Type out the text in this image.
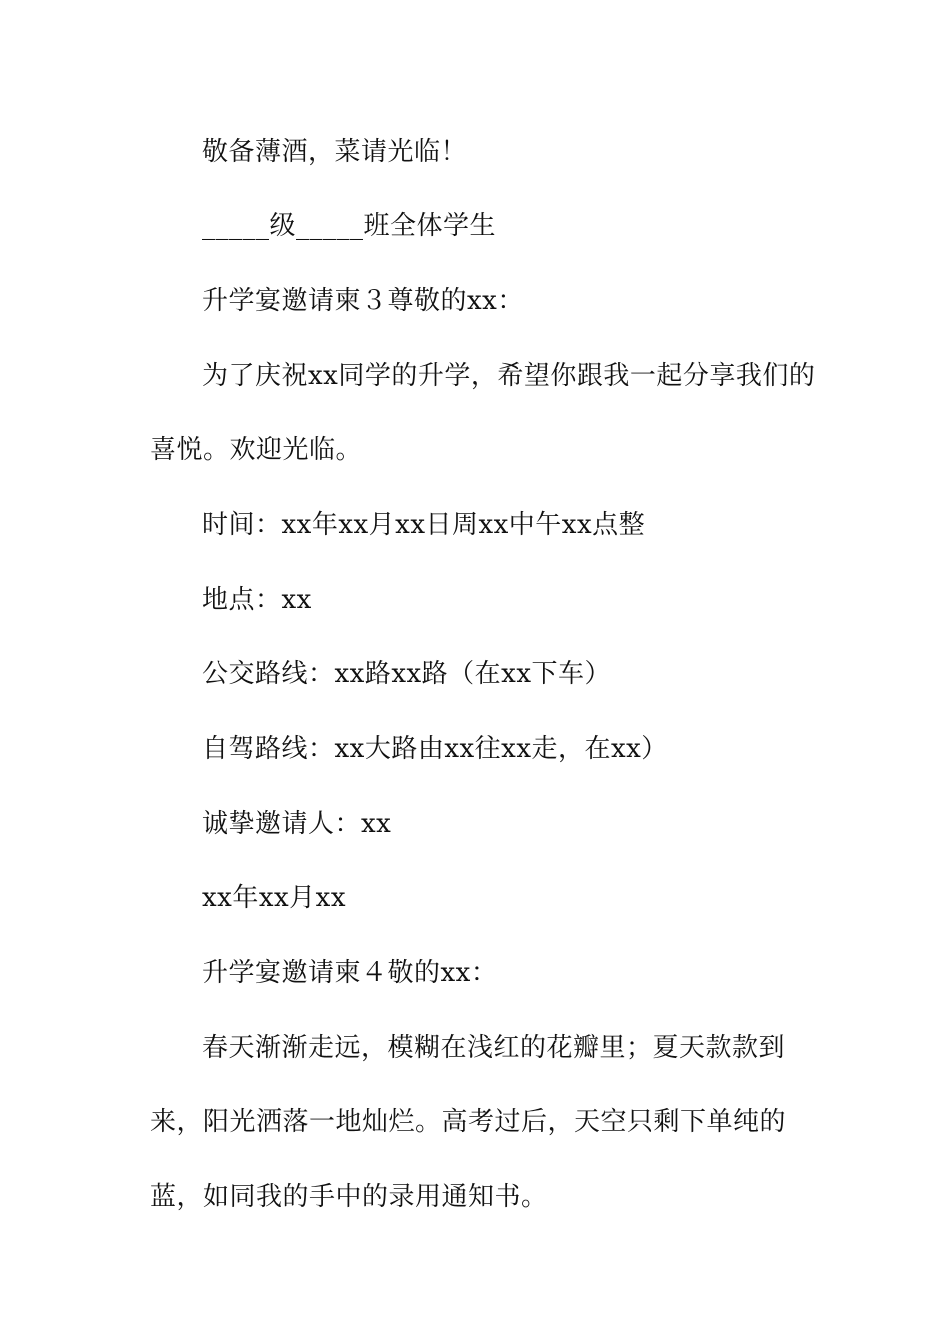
敬备薄酒，菜请光临！
_____级_____班全体学生
升学宴邀请柬３尊敬的xx：
为了庆祝xx同学的升学，希望你跟我一起分享我们的
喜悦。欢迎光临。
时间：xx年xx月xx日周xx中午xx点整
地点：xx
公交路线：xx路xx路（在xx下车）
自驾路线：xx大路由xx往xx走，在xx）
诚挚邀请人：xx
xx年xx月xx
升学宴邀请柬４敬的xx：
春天渐渐走远，模糊在浅红的花瓣里；夏天款款到
来，阳光洒落一地灿烂。高考过后，天空只剩下单纯的
蓝，如同我的手中的录用通知书。
